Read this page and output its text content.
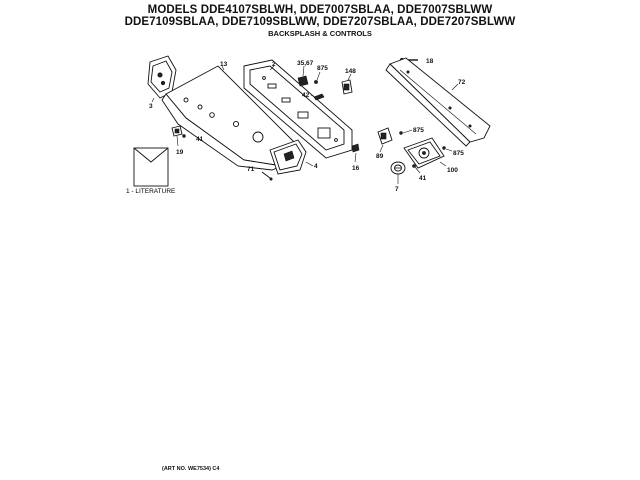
MODELS DDE4107SBLWH, DDE7007SBLAA, DDE7007SBLWW
DDE7109SBLAA, DDE7109SBLWW, DDE7207SBLAA, DDE7207SBLWW
BACKSPLASH & CONTROLS
3
13	2	35,67
875	148
42
18
72
41
19
71	4	16
875
89	875
100
41
7
1 - LITERATURE
(ART NO. WE7534) C4
